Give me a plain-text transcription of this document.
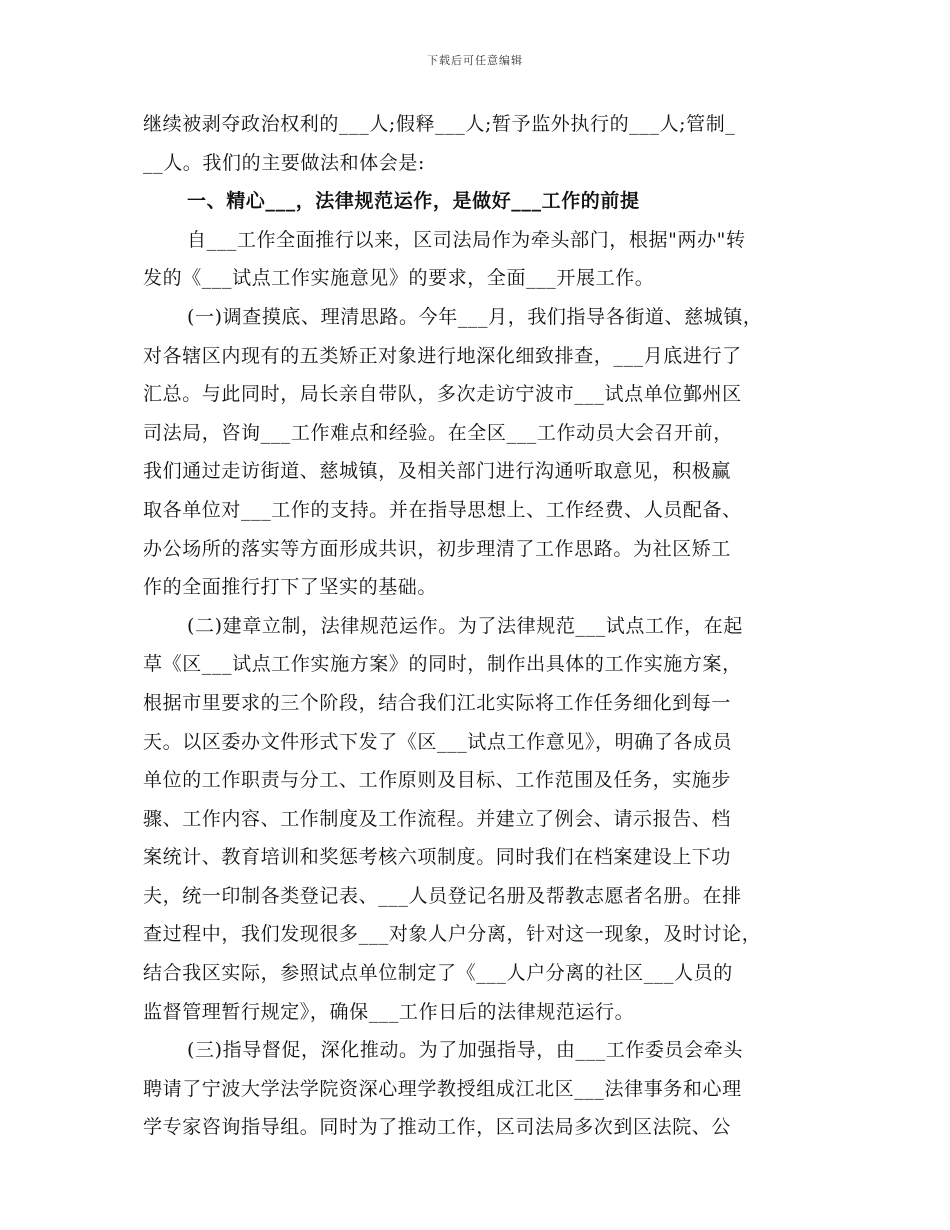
下载后可任意编辑
继续被剥夺政治权利的___人;假释___人;暂予监外执行的___人;管制_
__人。我们的主要做法和体会是:
一、精心___，法律规范运作，是做好___工作的前提
自___工作全面推行以来，区司法局作为牵头部门，根据"两办"转
发的《___试点工作实施意见》的要求，全面___开展工作。
(一)调查摸底、理清思路。今年___月，我们指导各街道、慈城镇，
对各辖区内现有的五类矫正对象进行地深化细致排查，___月底进行了
汇总。与此同时，局长亲自带队，多次走访宁波市___试点单位鄞州区
司法局，咨询___工作难点和经验。在全区___工作动员大会召开前，
我们通过走访街道、慈城镇，及相关部门进行沟通听取意见，积极赢
取各单位对___工作的支持。并在指导思想上、工作经费、人员配备、
办公场所的落实等方面形成共识，初步理清了工作思路。为社区矫工
作的全面推行打下了坚实的基础。
(二)建章立制，法律规范运作。为了法律规范___试点工作，在起
草《区___试点工作实施方案》的同时，制作出具体的工作实施方案，
根据市里要求的三个阶段，结合我们江北实际将工作任务细化到每一
天。以区委办文件形式下发了《区___试点工作意见》，明确了各成员
单位的工作职责与分工、工作原则及目标、工作范围及任务，实施步
骤、工作内容、工作制度及工作流程。并建立了例会、请示报告、档
案统计、教育培训和奖惩考核六项制度。同时我们在档案建设上下功
夫，统一印制各类登记表、___人员登记名册及帮教志愿者名册。在排
查过程中，我们发现很多___对象人户分离，针对这一现象，及时讨论，
结合我区实际，参照试点单位制定了《___人户分离的社区___人员的
监督管理暂行规定》，确保___工作日后的法律规范运行。
(三)指导督促，深化推动。为了加强指导，由___工作委员会牵头
聘请了宁波大学法学院资深心理学教授组成江北区___法律事务和心理
学专家咨询指导组。同时为了推动工作，区司法局多次到区法院、公
